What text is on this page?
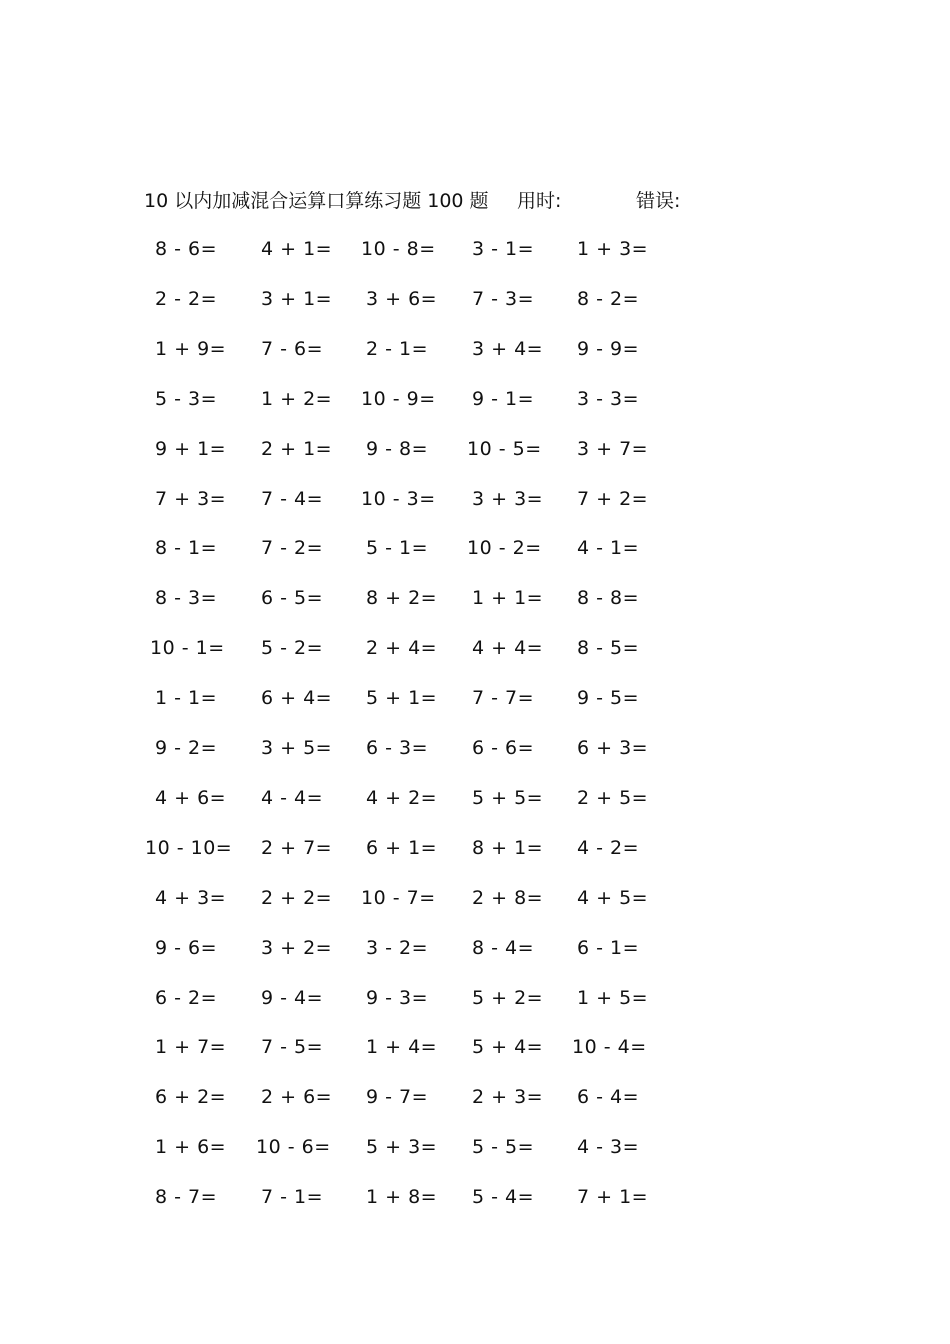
10 以内加减混合运算口算练习题 100 题 用时:	错误:
8 - 6= 4 + 1= 10 - 8= 3 - 1= 1 + 3=
2 - 2= 3 + 1= 3 + 6= 7 - 3= 8 - 2=
1 + 9= 7 - 6= 2 - 1= 3 + 4= 9 - 9=
5 - 3= 1 + 2= 10 - 9= 9 - 1= 3 - 3=
9 + 1= 2 + 1= 9 - 8= 10 - 5= 3 + 7=
7 + 3= 7 - 4= 10 - 3= 3 + 3= 7 + 2=
8 - 1= 7 - 2= 5 - 1= 10 - 2= 4 - 1=
8 - 3= 6 - 5= 8 + 2= 1 + 1= 8 - 8=
10 - 1= 5 - 2= 2 + 4= 4 + 4= 8 - 5=
1 - 1= 6 + 4= 5 + 1= 7 - 7= 9 - 5=
9 - 2= 3 + 5= 6 - 3= 6 - 6= 6 + 3=
4 + 6= 4 - 4= 4 + 2= 5 + 5= 2 + 5=
10 - 10= 2 + 7= 6 + 1= 8 + 1= 4 - 2=
4 + 3= 2 + 2= 10 - 7= 2 + 8= 4 + 5=
9 - 6= 3 + 2= 3 - 2= 8 - 4= 6 - 1=
6 - 2= 9 - 4= 9 - 3= 5 + 2= 1 + 5=
1 + 7= 7 - 5= 1 + 4= 5 + 4= 10 - 4=
6 + 2= 2 + 6= 9 - 7= 2 + 3= 6 - 4=
1 + 6= 10 - 6= 5 + 3= 5 - 5= 4 - 3=
8 - 7= 7 - 1= 1 + 8= 5 - 4= 7 + 1=
